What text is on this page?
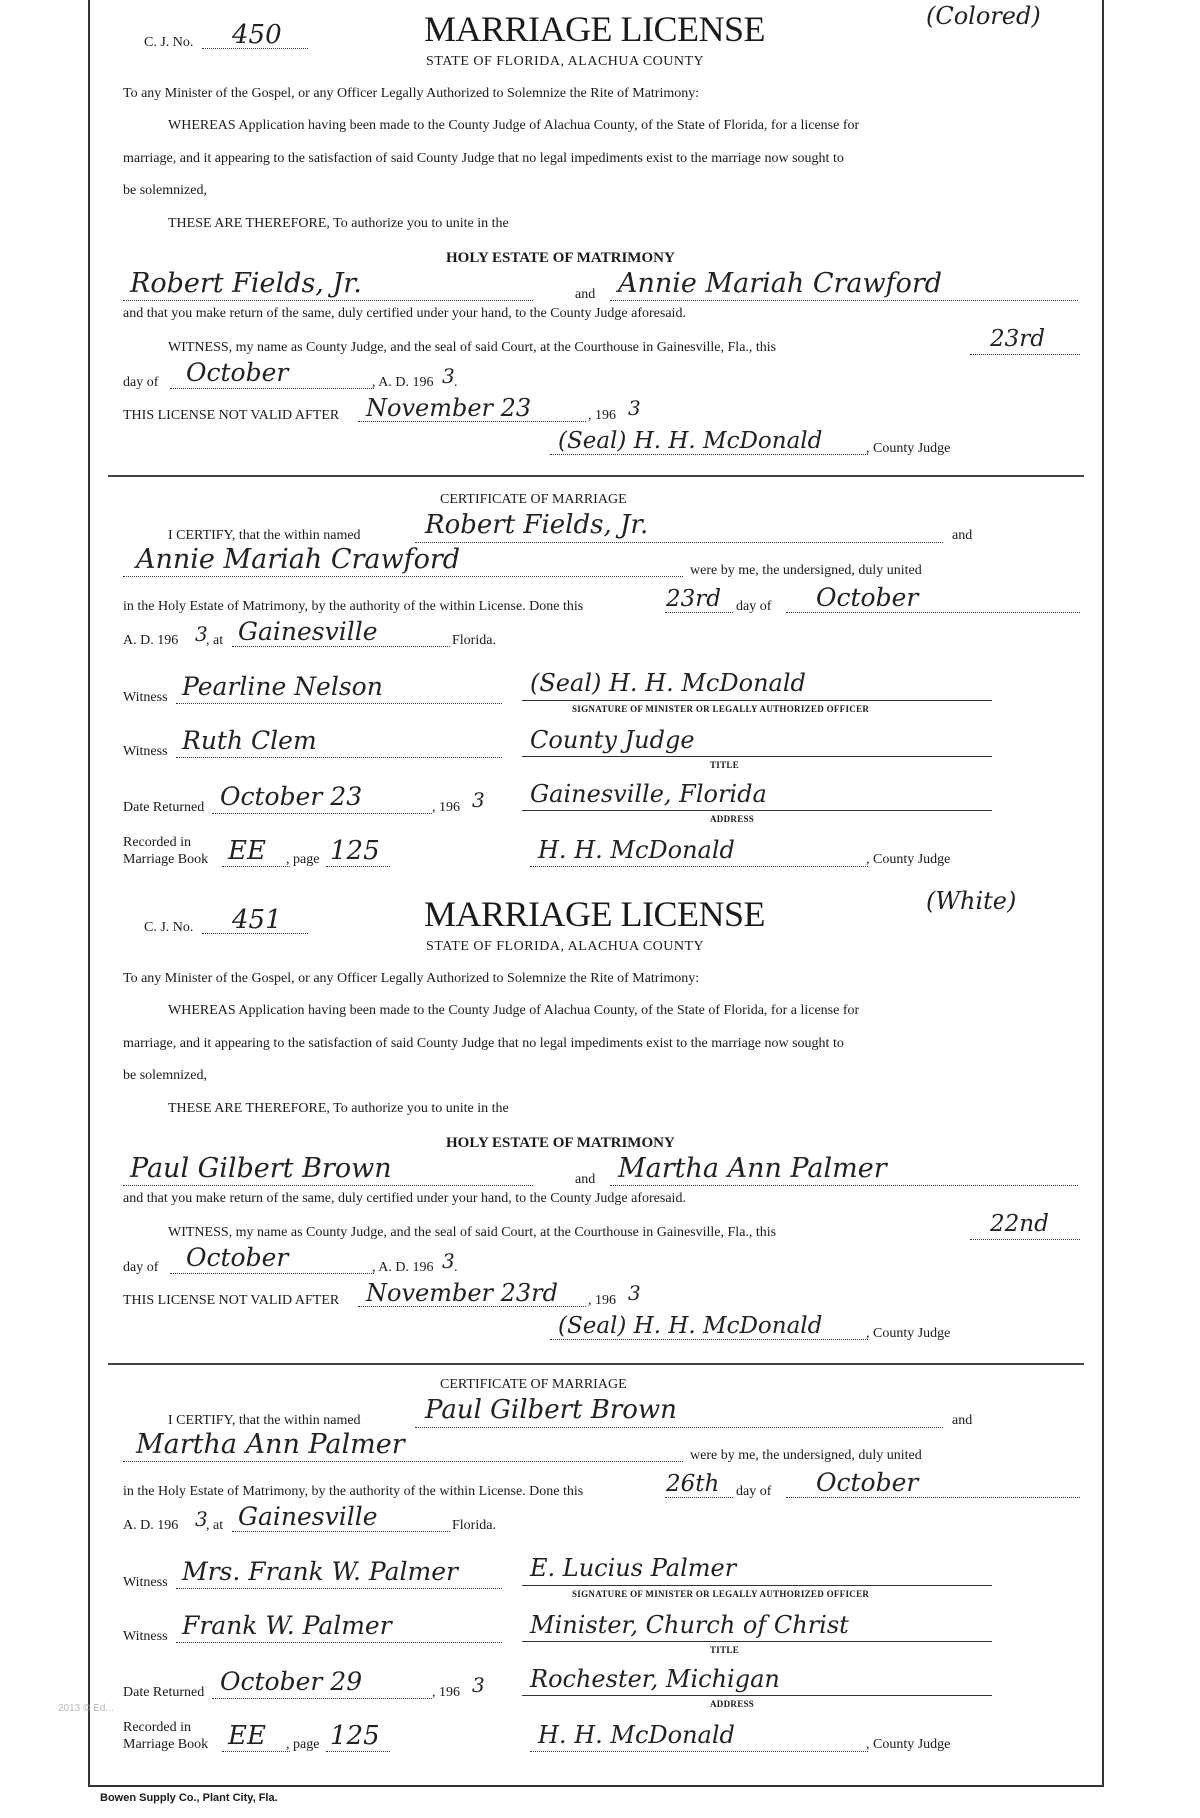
C. J. No. 450	MARRIAGE LICENSE	(Colored)
STATE OF FLORIDA, ALACHUA COUNTY
To any Minister of the Gospel, or any Officer Legally Authorized to Solemnize the Rite of Matrimony:
WHEREAS Application having been made to the County Judge of Alachua County, of the State of Florida, for a license for
marriage, and it appearing to the satisfaction of said County Judge that no legal impediments exist to the marriage now sought to
be solemnized,
THESE ARE THEREFORE, To authorize you to unite in the
HOLY ESTATE OF MATRIMONY
Robert Fields, Jr.	and Annie Mariah Crawford
and that you make return of the same, duly certified under your hand, to the County Judge aforesaid.
WITNESS, my name as County Judge, and the seal of said Court, at the Courthouse in Gainesville, Fla., this	23rd
day of October	, A. D. 196 3 .
THIS LICENSE NOT VALID AFTER November 23	, 196 3
(Seal) H. H. McDonald	, County Judge
CERTIFICATE OF MARRIAGE
I CERTIFY, that the within named Robert Fields, Jr.	and
Annie Mariah Crawford	were by me, the undersigned, duly united
in the Holy Estate of Matrimony, by the authority of the within License. Done this	23rd day of October
A. D. 196 3
, at Gainesville	Florida.
Witness Pearline Nelson	(Seal) H. H. McDonald
SIGNATURE OF MINISTER OR LEGALLY AUTHORIZED OFFICER
Witness Ruth Clem	County Judge
TITLE
Date Returned October 23	, 196 3 Gainesville, Florida
ADDRESS
Recorded in
Marriage Book EE , page 125	H. H. McDonald	, County Judge
C. J. No. 451	MARRIAGE LICENSE	(White)
STATE OF FLORIDA, ALACHUA COUNTY
To any Minister of the Gospel, or any Officer Legally Authorized to Solemnize the Rite of Matrimony:
WHEREAS Application having been made to the County Judge of Alachua County, of the State of Florida, for a license for
marriage, and it appearing to the satisfaction of said County Judge that no legal impediments exist to the marriage now sought to
be solemnized,
THESE ARE THEREFORE, To authorize you to unite in the
HOLY ESTATE OF MATRIMONY
Paul Gilbert Brown	and Martha Ann Palmer
and that you make return of the same, duly certified under your hand, to the County Judge aforesaid.
WITNESS, my name as County Judge, and the seal of said Court, at the Courthouse in Gainesville, Fla., this	22nd
day of October	, A. D. 196 3 .
THIS LICENSE NOT VALID AFTER November 23rd , 196 3
(Seal) H. H. McDonald	, County Judge
CERTIFICATE OF MARRIAGE
I CERTIFY, that the within named Paul Gilbert Brown	and
Martha Ann Palmer	were by me, the undersigned, duly united
in the Holy Estate of Matrimony, by the authority of the within License. Done this	26th day of October
A. D. 196 3
, at Gainesville	Florida.
Witness Mrs. Frank W. Palmer	E. Lucius Palmer
SIGNATURE OF MINISTER OR LEGALLY AUTHORIZED OFFICER
Witness Frank W. Palmer	Minister, Church of Christ
TITLE
Date Returned October 29	, 196 3 Rochester, Michigan
ADDRESS
Recorded in
Marriage Book EE , page 125	H. H. McDonald	, County Judge
2013 © Ed...
Bowen Supply Co., Plant City, Fla.
